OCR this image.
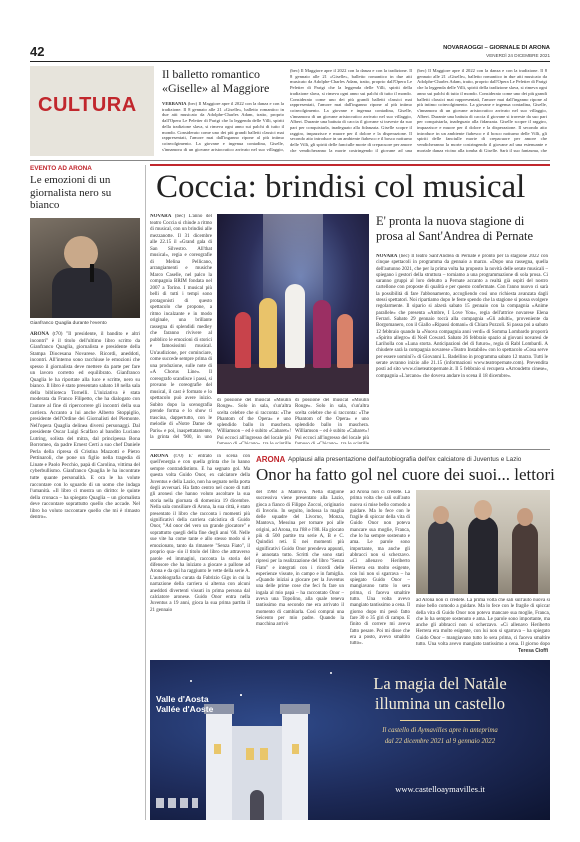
42	NOVARAOGGI – GIORNALE DI ARONA
VENERDÌ 24 DICEMBRE 2021
CULTURA
Il balletto romantico «Giselle» al Maggiore
VERBANIA (bec) Il Maggiore apre il 2022 con la danza e con la tradizione. Il 8 gennaio alle 21 «Giselle», balletto romantico in due atti musicato da Adolphe-Charles Adam, tratto, proprio dall'Opera Le Peletier di Parigi che la leggenda delle Villi, spiriti della tradizione slava, si rimeva ogni anno sui palchi di tutto il mondo. Considerato come uno dei più grandi balletti classici mai rappresentati, l'amore mai dall'inganno ripone al più intimo coinvolgimento. La giovane e ingenua contadina, Giselle, s'innamora di un giovane aristocratico arrivato nel suo villaggio,
(bec) Il Maggiore apre il 2022 con la danza e con la tradizione. Il 8 gennaio alle 21 «Giselle», balletto romantico in due atti musicato da Adolphe-Charles Adam, tratto, proprio dall'Opera Le Peletier di Parigi che la leggenda delle Villi, spiriti della tradizione slava, si rimeva ogni anno sui palchi di tutto il mondo. Considerato come uno dei più grandi balletti classici mai rappresentati, l'amore mai dall'inganno ripone al più intimo coinvolgimento. La giovane e ingenua contadina, Giselle, s'innamora di un giovane aristocratico arrivato nel suo villaggio, Albert. Durante una battuta di caccia il giovane si traveste da suo pari per conquistarla, inadeguato alla fidanzata. Giselle scopre il raggiro, impazzisce e muore per il dolore e la disperazione. Il secondo atto introduce in un ambiente fiabesco e il bosco notturno delle Villi, gli spiriti delle fanciulle morte di crepacuore per amore che vendicheranno la morte costringendo il giovane ad una
(bec) Il Maggiore apre il 2022 con la danza e con la tradizione. Il 8 gennaio alle 21 «Giselle», balletto romantico in due atti musicato da Adolphe-Charles Adam, tratto, proprio dall'Opera Le Peletier di Parigi che la leggenda delle Villi, spiriti della tradizione slava, si rimeva ogni anno sui palchi di tutto il mondo. Considerato come uno dei più grandi balletti classici mai rappresentati, l'amore mai dall'inganno ripone al più intimo coinvolgimento. La giovane e ingenua contadina, Giselle, s'innamora di un giovane aristocratico arrivato nel suo villaggio, Albert. Durante una battuta di caccia il giovane si traveste da suo pari per conquistarla, inadeguato alla fidanzata. Giselle scopre il raggiro, impazzisce e muore per il dolore e la disperazione. Il secondo atto introduce in un ambiente fiabesco e il bosco notturno delle Villi, gli spiriti delle fanciulle morte di crepacuore per amore che vendicheranno la morte costringendo il giovane ad una estenuante e mortale danza vicino alla tomba di Giselle. Sarà il suo fantasma, che
EVENTO AD ARONA
Le emozioni di un giornalista nero su bianco
Gianfranco Quaglia durante l'evento
ARONA (t70) "Il presidente, il bandito e altri incontri" è il titolo dell'ultimo libro scritto da Gianfranco Quaglia, giornalista e presidente della Stampa Diocesana Novarese. Ricordi, aneddoti, incontri. All'interno sono racchiuse le emozioni che spesso il giornalista deve mettere da parte per fare un lavoro corretto ed equilibrato. Gianfranco Quaglia le ha riportate alla luce e scritte, nero su bianco. Il libro è stato presentato sabato 18 nella sala della biblioteca Tornelli. L'iniziativa è stata moderata da Franco Filipetto, che ha dialogato con l'autore al fine di ripercorrere gli incontri della sua carriera. Accanto a lui anche Alberto Stoppiglio, presidente dell'Ordine dei Giornalisti del Piemonte. Nell'opera Quaglia delinea diversi personaggi. Dal presidente Oscar Luigi Scalfaro al bandito Luciano Lutring, solista del mitra, dal principessa Bona Borromeo, da padre Ernest Certi a suo chef Daniele Perla della ripresa di Cristina Mazzotti e Pietro Pettinaroli, che pone un figlio nella tragedia di Linate e Paolo Pecchio, papà di Carolina, vittima del cyberbullismo. Gianfranco Quaglia le ha incontrate tutte quante personalità. E ora le ha volute raccontare con lo sguardo di un uomo che indaga l'umanità. «Il libro ci mostra un diritto: le quinte della cronaca – ha spiegato Quaglia – un giornalista deve raccontare soprattutto quello che accade. Nel libro ho voluto raccontare quello che mi è rimasto dentro».
Coccia: brindisi col musical
NOVARA (bec) L'anno del teatro Coccia si chiude a ritmo di musical, con un brindisi alle mezzanotte. Il 31 dicembre alle 22.15 il «Grand gala di San Silvestro. All'that musical», regia e coreografie di Melina Pellicano, arrangiamenti e musiche Marco Caselle, nel palco la compagnia BRIM fondata nel 2007 a Torino. I musical più belli di tutti i tempi sono protagonisti di questo spettacolo che propone, a ritmo incalzante e in modo originale, una brillante rassegna di splendidi medley che faranno rivivere al pubblico le emozioni di storici e famosissimi musical. Un'audizione, per cominciare, come succede sempre prima di una produzione, sulle note di «A Chorus Line». Il coreografo scandisce i passi, si provano le coreografie del musical, il cast è formato e lo spettacolo può avere inizio. Subito dopo la scenografia prende forma e lo show ti trascina, dappertutto, con le melodie di «Notre Dame de Paris» e poi, inaspettatamente, la grinta del '900, in uno
di possione del musical «Moulin Rouge». Solo in sala, s'un'altra scelta celebre che si racconta: «The Phantom of the Opera» e uno splendido ballo in maschera. Williamson – ed è subito «Cabaret»! Poi eccoci all'ingresso del locale più
di possione del musical «Moulin Rouge». Solo in sala, s'un'altra scelta celebre che si racconta: «The Phantom of the Opera» e uno splendido ballo in maschera. Williamson – ed è subito «Cabaret»! Poi eccoci all'ingresso del locale più
E' pronta la nuova stagione di prosa al Sant'Andrea di Pernate
NOVARA (bec) Il teatro Sant'Andrea di Pernate è pronto per la stagione 2022 con cinque spettacoli in programma da gennaio a marzo. «Dopo una rassegna, quella dell'autunno 2021, che per la prima volta ha proposto la novità delle serate musicali – spiegano i gestori della struttura – torniamo a una programmazione di sola prosa. Ci saranno gruppi al loro debutto a Pernate accanto a realtà già ospiti del nostro cartellone con proposte di qualità e per questo confermate. Con l'anno nuovo ci sarà la possibilità di fare l'abbonamento, accogliendo così uno richiesta avanzata dagli stessi spettatori. Noi ripartiamo dopo le feste spendo che la stagione si possa svolgere regolarmente. Il sipario si alzerà sabato 15 gennaio con la compagnia «Anime parallele» che presenta «Ambre, I Love You», regia dell'attrice novarese Elena Ferrari. Sabato 29 gennaio toccà alla compagnia «Gli adulti», proveniente da Borgomanero, con il Giallo «Ripassi domani» di Chiara Pozzoli. Si passa poi a sabato 12 febbraio quando la «Nuova compagnia anni verdi» di Somma Lombardo proporrà «Spirito allegro» di Noël Coward. Sabato 26 febbraio spazio ai giovani novaresi de Lariholla con «Luna storta. Anticipazioni del dì futuro», regia di Rabl Lombardi. A chiudere sarà la compagnia novarese «Teatro Instabile» con lo spettacolo «Cosa serve per essere uomini?» di Giovanni L. Badellino in programma sabato 12 marzo. Tutti le serate avranno inizio alle 21.15 (informazioni www.teatropernate.com). Prevendita posti ad sito www.cineteatropernate.it. Il 5 febbraio si recupera «Arroudetto cinese», compagnia «L'arcano» che doveva andare in scena il 18 dicembre».
ARONA (t70) E' entrato in scena con quell'energia e con quella grinta che lo hanno sempre contraddistinto. E ha segnato gol. Ma questa volta Guido Onor, ex calciatore della Juventus e della Lazio, non ha segnato nella porta degli avversari. Ha fatto centro nel cuore di tutti gli aronesi che hanno voluto ascoltare la sua storia nella giornata di domenica 19 dicembre. Nella sala consiliare di Arona, la sua città, è stato presentato il libro che racconta i momenti più significativi della carriera calcistica di Guido Onor, "Ad onor del vero un grande giocatore" e soprattutto quegli della fine degli anni '60. Nelle sue vite ha come tante e allo stesso modo si è emozionato, tanto da rimanere "Senza Fiato", il proprio qua- sio il titolo del libro che attraverso parole ed immagini, racconta la storia del difensore che ha iniziato a giocare a pallone ad Arona e da qui ha raggiunto le vette della serie A. L'autobiografia curata da Fabrizio Gigs in cui la narrazione della carriera si alterna con alcuni aneddoti divertenti vissuti in prima persona dal calciatore aronese. Guido Onor entra nella Juventus a 19 anni, gioca la sua prima partita il 21 gennaio
ARONA Applausi alla presentazione dell'autobiografia dell'ex calciatore di Juventus e Lazio
Onor ha fatto gol nel cuore dei suoi... lettori
del 1968 a Mantova. Nella stagione successiva viene presentato alla Lazio, gioca a fianco di Filippo Zoccoi, originario di Invorio. In seguito, indossa la maglia delle squadre del Livorno, Monza, Mantova, Messina per tornare poi alle origini, ad Arona, tra l'88 e l'88. Ha giocato più di 500 partite tra serie A, B e C. Quindici reti. E nei momenti più significativi Guido Onor prendeva appunti, è annotata tutto. Scritti che sono stati ripresi per la realizzazione del libro "Senza Fiato" e integrati con i ricordi delle esperienze vissute, in campo e in famiglia. «Quando iniziai a giocare per la Juventus una delle prime cose che feci fu fare un ingala al mio papà – ha raccontato Onor – aveva una Topolino, alla quale teneva tantissimo ma secondo me era arrivato il momento di cambiarla. Così comprai una Seicento per mio padre. Quando la macchina arrivò
ad Arona non ci credete. La prima volta che sali sull'auto nuova si mise bello comodo a guidare. Ma lo fece con le fragile di spiccar della vita di Guido Onor non poteva mancare sua moglie, Franca, che lo ha sempre sostenuto e ama. Le parole sono importante, ma anche gli abbracci non si scherzavo. «Ci allenavo Heriberto Herrera era molto esigente, con lui non si sgarrava – ha spiegato Guido Onor – mangiavano tutto lo sera prima, ci faceva smaltire tutto. Una volta avevo mangiato tantissimo a cena. Il giorno dopo mi pesò fatto fare 30 o 35 giri di campo. E finito di correre mi aveva fatto pesare. Poi mi disse che era a posto, avevo smaltito tutto».
ad Arona non ci credete. La prima volta che sali sull'auto nuova si mise bello comodo a guidare. Ma lo fece con le fragile di spiccar della vita di Guido Onor non poteva mancare sua moglie, Franca, che lo ha sempre sostenuto e ama. Le parole sono importante, ma anche gli abbracci non si scherzavo. «Ci allenavo Heriberto Herrera era molto esigente, con lui non si sgarrava – ha spiegato Guido Onor – mangiavano tutto lo sera prima, ci faceva smaltire tutto. Una volta avevo mangiato tantissimo a cena. Il giorno dopo
Teresa Cioffi
Valle d'Aosta
Vallée d'Aoste
La magia del Natale
illumina un castello
Il castello di Aymavilles apre in anteprima
dal 22 dicembre 2021 al 9 gennaio 2022
www.castelloaymavilles.it
